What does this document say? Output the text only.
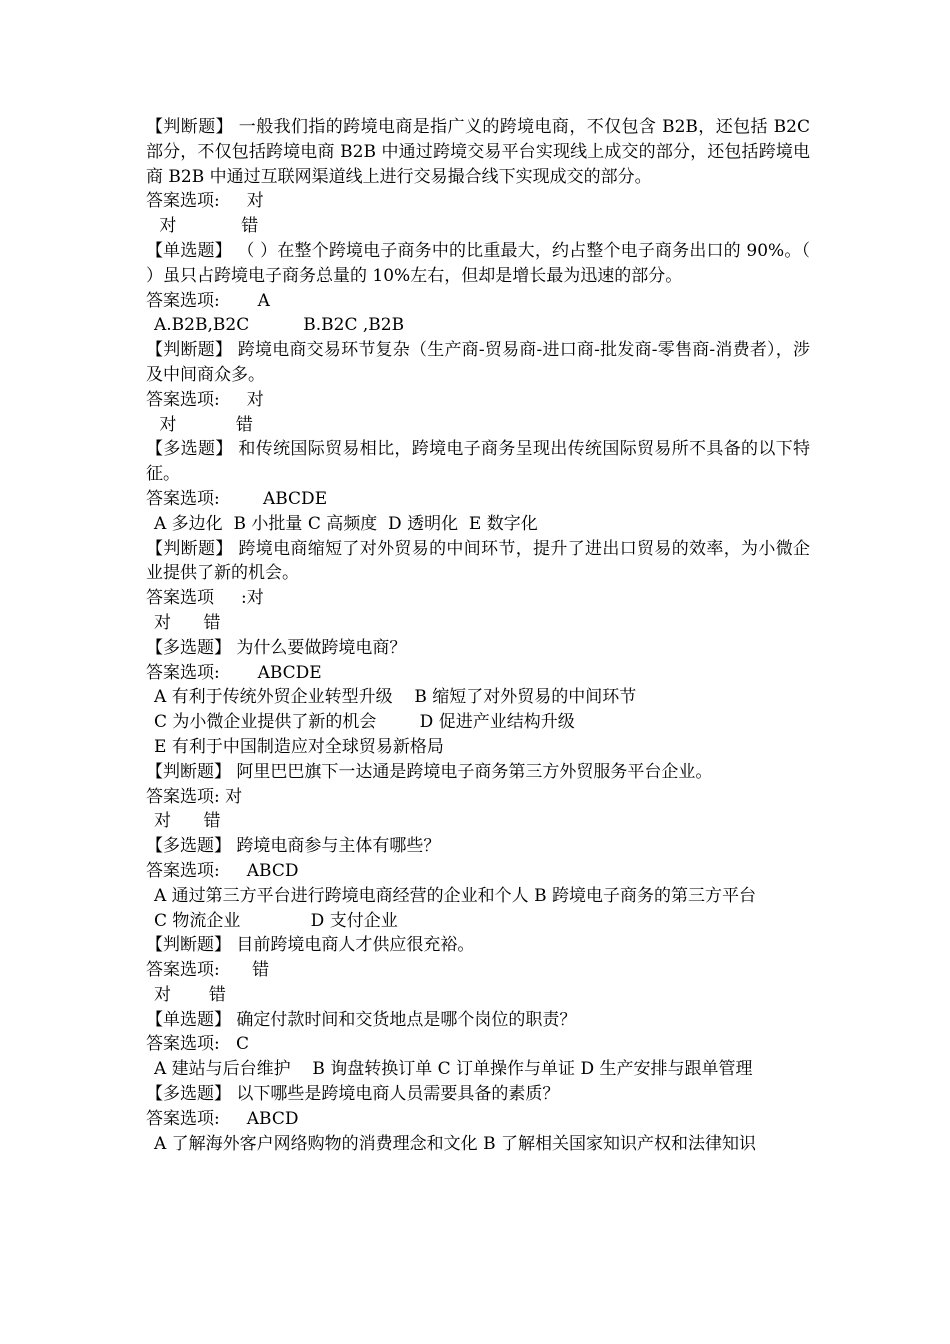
【判断题】 一般我们指的跨境电商是指广义的跨境电商，不仅包含 B2B，还包括 B2C 部分，不仅包括跨境电商 B2B 中通过跨境交易平台实现线上成交的部分，还包括跨境电商 B2B 中通过互联网渠道线上进行交易撮合线下实现成交的部分。
答案选项: 对
对	错
【单选题】 （ ）在整个跨境电子商务中的比重最大，约占整个电子商务出口的 90%。（ ）虽只占跨境电子商务总量的 10%左右，但却是增长最为迅速的部分。
答案选项: A
A.B2B,B2C	B.B2C ,B2B
【判断题】 跨境电商交易环节复杂（生产商-贸易商-进口商-批发商-零售商-消费者），涉及中间商众多。
答案选项: 对
对	错
【多选题】 和传统国际贸易相比，跨境电子商务呈现出传统国际贸易所不具备的以下特征。
答案选项:	ABCDE
A 多边化 B 小批量 C 高频度 D 透明化 E 数字化
【判断题】 跨境电商缩短了对外贸易的中间环节，提升了进出口贸易的效率，为小微企业提供了新的机会。
答案选项 :对
对 错
【多选题】 为什么要做跨境电商？
答案选项: ABCDE
A 有利于传统外贸企业转型升级 B 缩短了对外贸易的中间环节
C 为小微企业提供了新的机会	D 促进产业结构升级
E 有利于中国制造应对全球贸易新格局
【判断题】 阿里巴巴旗下一达通是跨境电子商务第三方外贸服务平台企业。
答案选项: 对
对 错
【多选题】 跨境电商参与主体有哪些？
答案选项: ABCD
A 通过第三方平台进行跨境电商经营的企业和个人 B 跨境电子商务的第三方平台
C 物流企业	D 支付企业
【判断题】 目前跨境电商人才供应很充裕。
答案选项: 错
对 错
【单选题】 确定付款时间和交货地点是哪个岗位的职责？
答案选项: C
A 建站与后台维护 B 询盘转换订单 C 订单操作与单证 D 生产安排与跟单管理
【多选题】 以下哪些是跨境电商人员需要具备的素质？
答案选项: ABCD
A 了解海外客户网络购物的消费理念和文化 B 了解相关国家知识产权和法律知识
